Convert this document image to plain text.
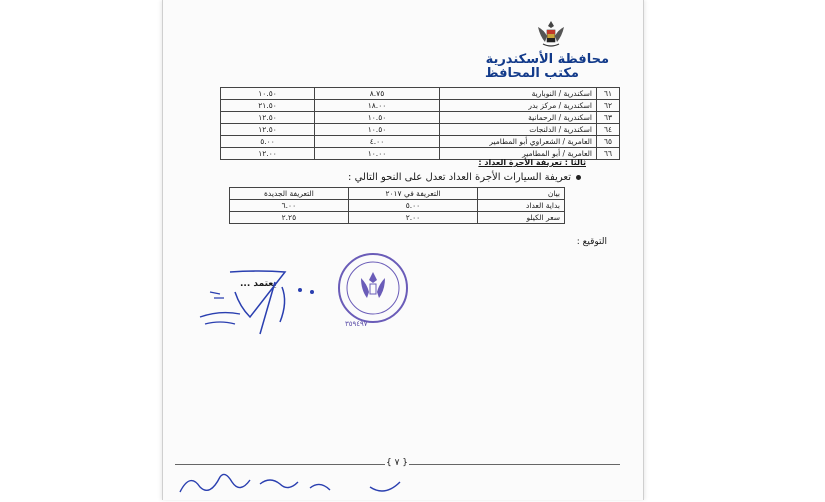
محافظة الأسكندرية
مكتب المحافظ
١٠.٥٠	٨.٧٥	اسكندرية / النوبارية	٦١
٢١.٥٠	١٨.٠٠	اسكندرية / مركز بدر	٦٢
١٢.٥٠	١٠.٥٠	اسكندرية / الرحمانية	٦٣
١٢.٥٠	١٠.٥٠	اسكندرية / الدلنجات	٦٤
٥.٠٠	٤.٠٠	العامرية / الشعراوي أبو المطامير	٦٥
١٢.٠٠	١٠.٠٠	العامرية / أبو المطامير	٦٦
ثالثا : تعريفة الأجرة العداد :
تعريفة السيارات الأجرة العداد تعدل على النحو التالي :
التعريفة الجديدة	التعريفة في ٢٠١٧	بيان
٦.٠٠	٥.٠٠	بداية العداد
٢.٢٥	٢.٠٠	سعر الكيلو
التوقيع :
٣٥٩٤٩٧
يعتمد ...
{ ٧ }
